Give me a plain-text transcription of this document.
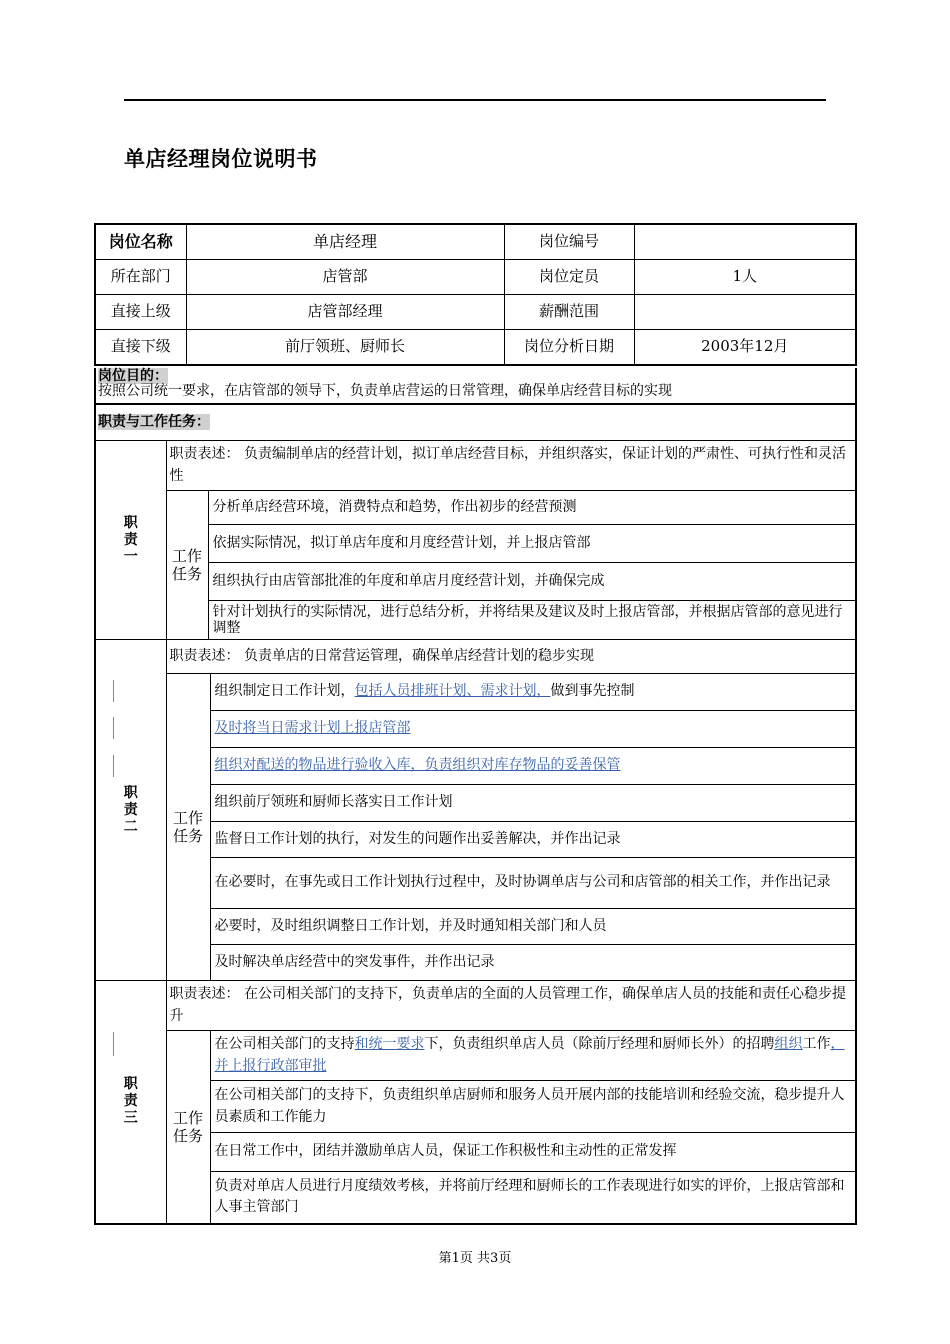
单店经理岗位说明书
岗位名称	单店经理	岗位编号	
所在部门	店管部	岗位定员	1人
直接上级	店管部经理	薪酬范围	
直接下级	前厅领班、厨师长	岗位分析日期	2003年12月
岗位目的：
按照公司统一要求，在店管部的领导下，负责单店营运的日常管理，确保单店经营目标的实现
职责与工作任务：
职责一	职责表述： 负责编制单店的经营计划，拟订单店经营目标，并组织落实，保证计划的严肃性、可执行性和灵活性	
	工作任务	分析单店经营环境，消费特点和趋势，作出初步的经营预测
		依据实际情况，拟订单店年度和月度经营计划，并上报店管部
		组织执行由店管部批准的年度和单店月度经营计划，并确保完成
		针对计划执行的实际情况，进行总结分析，并将结果及建议及时上报店管部，并根据店管部的意见进行调整
职责二	职责表述： 负责单店的日常营运管理，确保单店经营计划的稳步实现	
	工作任务	组织制定日工作计划，包括人员排班计划、需求计划，做到事先控制
		及时将当日需求计划上报店管部
		组织对配送的物品进行验收入库，负责组织对库存物品的妥善保管
		组织前厅领班和厨师长落实日工作计划
		监督日工作计划的执行，对发生的问题作出妥善解决，并作出记录
		在必要时，在事先或日工作计划执行过程中，及时协调单店与公司和店管部的相关工作，并作出记录
		必要时，及时组织调整日工作计划，并及时通知相关部门和人员
		及时解决单店经营中的突发事件，并作出记录
职责三	职责表述： 在公司相关部门的支持下，负责单店的全面的人员管理工作，确保单店人员的技能和责任心稳步提升	
	工作任务	在公司相关部门的支持和统一要求下，负责组织单店人员（除前厅经理和厨师长外）的招聘组织工作，并上报行政部审批
		在公司相关部门的支持下，负责组织单店厨师和服务人员开展内部的技能培训和经验交流，稳步提升人员素质和工作能力
		在日常工作中，团结并激励单店人员，保证工作积极性和主动性的正常发挥
		负责对单店人员进行月度绩效考核，并将前厅经理和厨师长的工作表现进行如实的评价，上报店管部和人事主管部门
第1页 共3页
